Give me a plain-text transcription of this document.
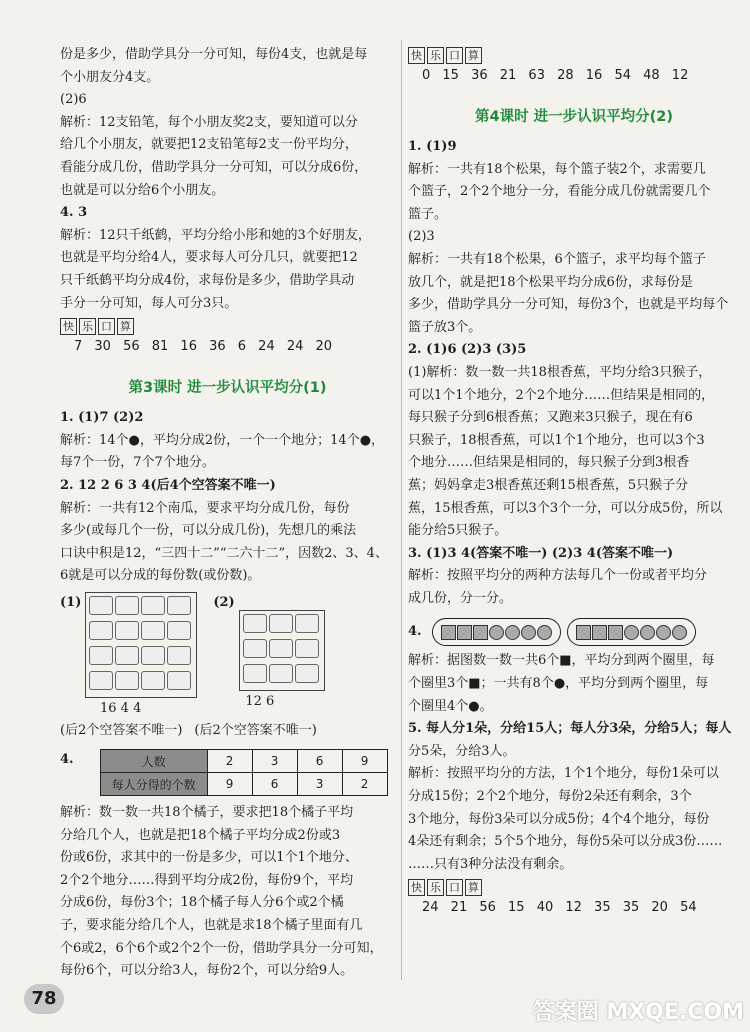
份是多少，借助学具分一分可知，每份4支，也就是每

个小朋友分4支。

(2)6

解析：12支铅笔，每个小朋友奖2支，要知道可以分

给几个小朋友，就要把12支铅笔每2支一份平均分，

看能分成几份，借助学具分一分可知，可以分成6份，

也就是可以分给6个小朋友。

4. 3

解析：12只千纸鹤，平均分给小彤和她的3个好朋友，

也就是平均分给4人，要求每人可分几只，就要把12

只千纸鹤平均分成4份，求每份是多少，借助学具动

手分一分可知，每人可分3只。

快 乐 口 算
7 30 56 81 16 36 6 24 24 20
第3课时 进一步认识平均分(1)

1. (1)7 (2)2

解析：14个●，平均分成2份，一个一个地分；14个●，

每7个一份，7个7个地分。

2. 12 2 6 3 4(后4个空答案不唯一)

解析：一共有12个南瓜，要求平均分成几份，每份

多少(或每几个一份，可以分成几份)，先想几的乘法

口诀中积是12，“三四十二”“二六十二”，因数2、3、4、

6就是可以分成的每份数(或份数)。

(1)

16 4 4
(2)

12 6
(后2个空答案不唯一) (后2个空答案不唯一)
4.	人数	2	3	6	9
每人分得的个数	9	6	3	2

解析：数一数一共18个橘子，要求把18个橘子平均

分给几个人，也就是把18个橘子平均分成2份或3

份或6份，求其中的一份是多少，可以1个1个地分、

2个2个地分……得到平均分成2份，每份9个，平均

分成6份，每份3个；18个橘子每人分6个或2个橘

子，要求能分给几个人，也就是求18个橘子里面有几

个6或2，6个6个或2个2个一份，借助学具分一分可知，

每份6个，可以分给3人，每份2个，可以分给9人。

快 乐 口 算
0 15 36 21 63 28 16 54 48 12
第4课时 进一步认识平均分(2)

1. (1)9

解析：一共有18个松果，每个篮子装2个，求需要几

个篮子，2个2个地分一分，看能分成几份就需要几个

篮子。

(2)3

解析：一共有18个松果，6个篮子，求平均每个篮子

放几个，就是把18个松果平均分成6份，求每份是

多少，借助学具分一分可知，每份3个，也就是平均每个

篮子放3个。

2. (1)6 (2)3 (3)5

(1)解析：数一数一共18根香蕉，平均分给3只猴子，

可以1个1个地分，2个2个地分……但结果是相同的，

每只猴子分到6根香蕉；又跑来3只猴子，现在有6

只猴子，18根香蕉，可以1个1个地分，也可以3个3

个地分……但结果是相同的，每只猴子分到3根香

蕉；妈妈拿走3根香蕉还剩15根香蕉，5只猴子分

蕉，15根香蕉，可以3个3个一分，可以分成5份，所以

能分给5只猴子。

3. (1)3 4(答案不唯一) (2)3 4(答案不唯一)

解析：按照平均分的两种方法每几个一份或者平均分

成几份，分一分。

4.

解析：据图数一数一共6个■，平均分到两个圈里，每

个圈里3个■；一共有8个●，平均分到两个圈里，每

个圈里4个●。

5. 每人分1朵，分给15人；每人分3朵，分给5人；每人

分5朵，分给3人。

解析：按照平均分的方法，1个1个地分，每份1朵可以

分成15份；2个2个地分，每份2朵还有剩余，3个

3个地分，每份3朵可以分成5份；4个4个地分，每份

4朵还有剩余；5个5个地分，每份5朵可以分成3份……

……只有3种分法没有剩余。

快 乐 口 算
24 21 56 15 40 12 35 35 20 54
78
答案圈 MXQE.COM
